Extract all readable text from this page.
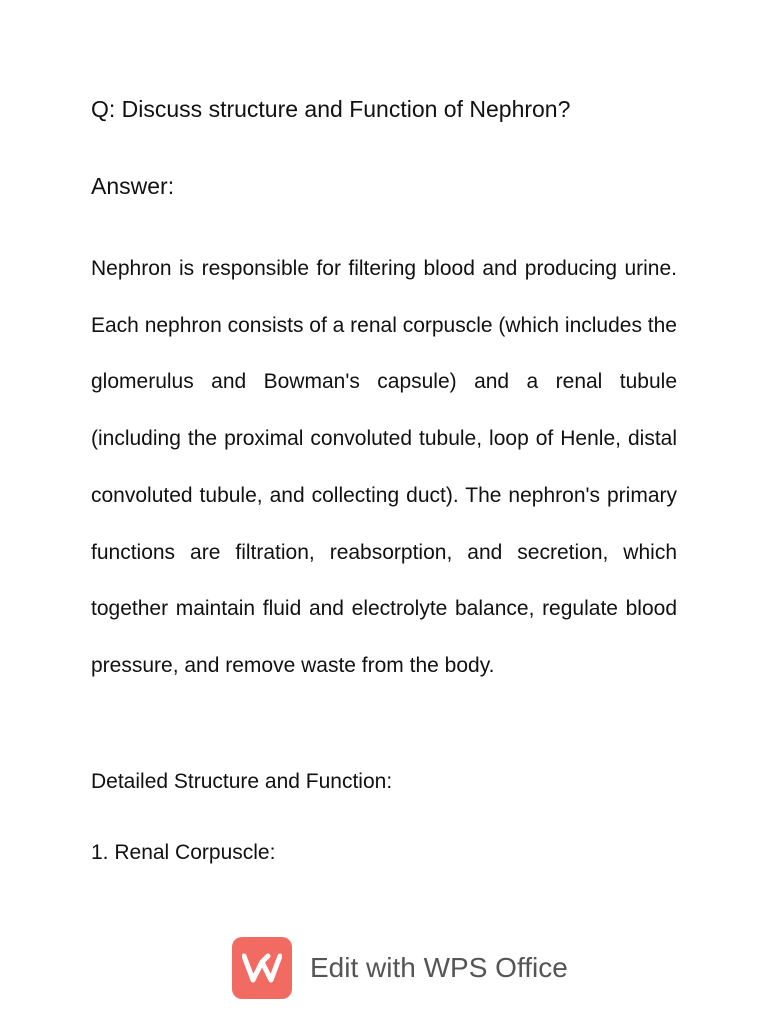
Q: Discuss structure and Function of Nephron?
Answer:
Nephron is responsible for filtering blood and producing urine. Each nephron consists of a renal corpuscle (which includes the glomerulus and Bowman's capsule) and a renal tubule (including the proximal convoluted tubule, loop of Henle, distal convoluted tubule, and collecting duct). The nephron's primary functions are filtration, reabsorption, and secretion, which together maintain fluid and electrolyte balance, regulate blood pressure, and remove waste from the body.
Detailed Structure and Function:
1. Renal Corpuscle:
Edit with WPS Office
